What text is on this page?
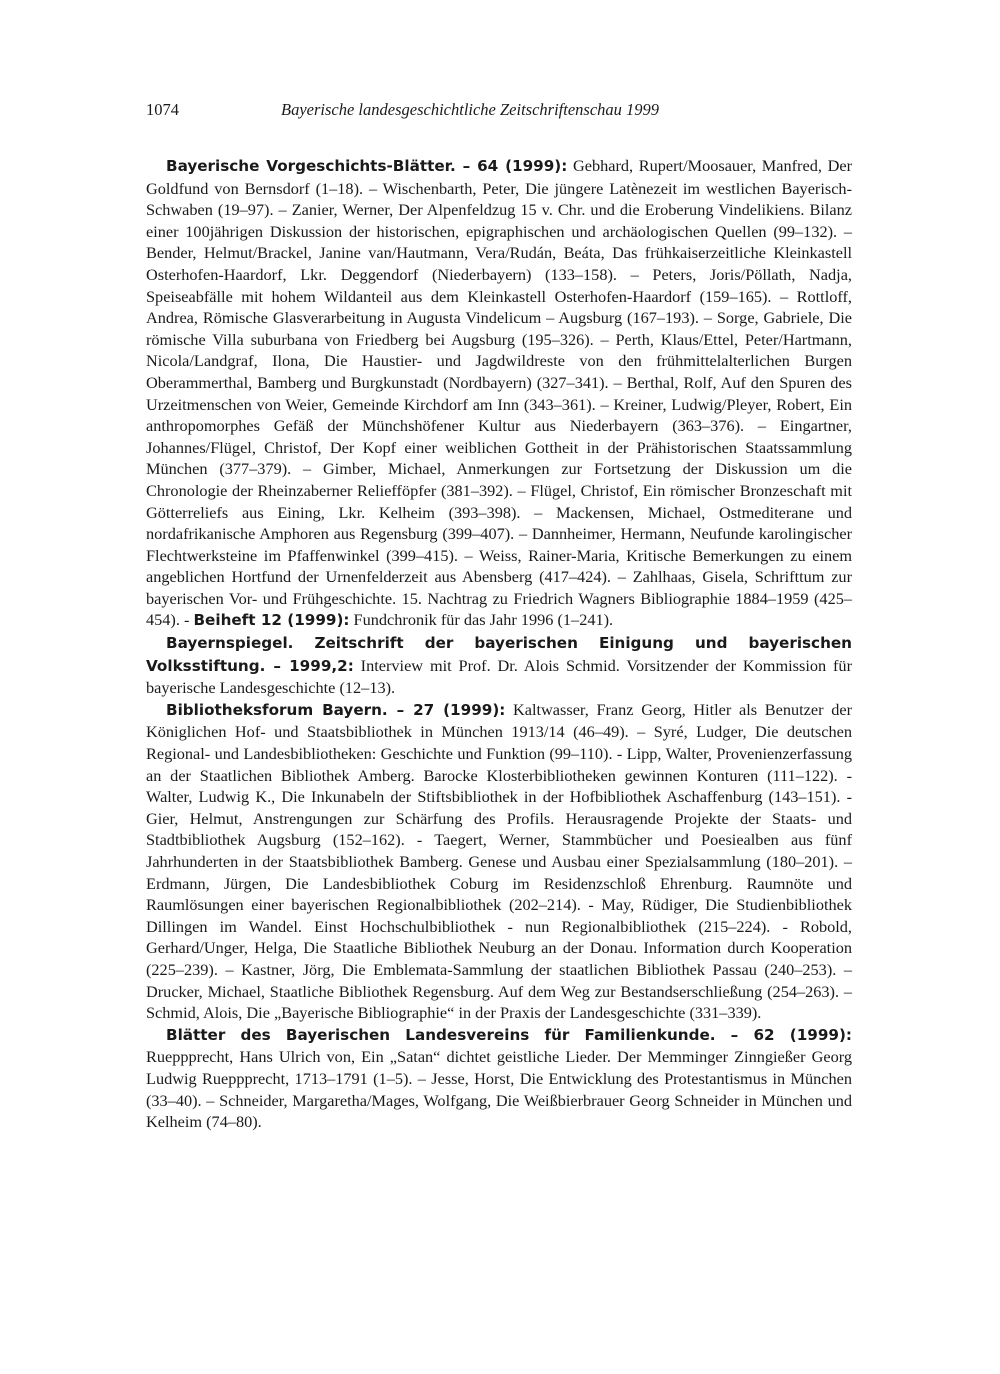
1074	Bayerische landesgeschichtliche Zeitschriftenschau 1999

Bayerische Vorgeschichts-Blätter. – 64 (1999): Gebhard, Rupert/Moosauer, Manfred, Der Goldfund von Bernsdorf (1–18). – Wischenbarth, Peter, Die jüngere Latènezeit im westlichen Bayerisch-Schwaben (19–97). – Zanier, Werner, Der Alpenfeldzug 15 v. Chr. und die Eroberung Vindelikiens. Bilanz einer 100jährigen Diskussion der historischen, epigraphischen und archäologischen Quellen (99–132). – Bender, Helmut/Brackel, Janine van/Hautmann, Vera/Rudán, Beáta, Das frühkaiserzeitliche Kleinkastell Osterhofen-Haardorf, Lkr. Deggendorf (Niederbayern) (133–158). – Peters, Joris/Pöllath, Nadja, Speiseabfälle mit hohem Wildanteil aus dem Kleinkastell Osterhofen-Haardorf (159–165). – Rottloff, Andrea, Römische Glasverarbeitung in Augusta Vindelicum – Augsburg (167–193). – Sorge, Gabriele, Die römische Villa suburbana von Friedberg bei Augsburg (195–326). – Perth, Klaus/Ettel, Peter/Hartmann, Nicola/Landgraf, Ilona, Die Haustier- und Jagdwildreste von den frühmittelalterlichen Burgen Oberammerthal, Bamberg und Burgkunstadt (Nordbayern) (327–341). – Berthal, Rolf, Auf den Spuren des Urzeitmenschen von Weier, Gemeinde Kirchdorf am Inn (343–361). – Kreiner, Ludwig/Pleyer, Robert, Ein anthropomorphes Gefäß der Münchshöfener Kultur aus Niederbayern (363–376). – Eingartner, Johannes/Flügel, Christof, Der Kopf einer weiblichen Gottheit in der Prähistorischen Staatssammlung München (377–379). – Gimber, Michael, Anmerkungen zur Fortsetzung der Diskussion um die Chronologie der Rheinzaberner Reliefföpfer (381–392). – Flügel, Christof, Ein römischer Bronzeschaft mit Götterreliefs aus Eining, Lkr. Kelheim (393–398). – Mackensen, Michael, Ostmediterane und nordafrikanische Amphoren aus Regensburg (399–407). – Dannheimer, Hermann, Neufunde karolingischer Flechtwerksteine im Pfaffenwinkel (399–415). – Weiss, Rainer-Maria, Kritische Bemerkungen zu einem angeblichen Hortfund der Urnenfelderzeit aus Abensberg (417–424). – Zahlhaas, Gisela, Schrifttum zur bayerischen Vor- und Frühgeschichte. 15. Nachtrag zu Friedrich Wagners Bibliographie 1884–1959 (425–454). - Beiheft 12 (1999): Fundchronik für das Jahr 1996 (1–241).

Bayernspiegel. Zeitschrift der bayerischen Einigung und bayerischen Volksstiftung. – 1999,2: Interview mit Prof. Dr. Alois Schmid. Vorsitzender der Kommission für bayerische Landesgeschichte (12–13).

Bibliotheksforum Bayern. – 27 (1999): Kaltwasser, Franz Georg, Hitler als Benutzer der Königlichen Hof- und Staatsbibliothek in München 1913/14 (46–49). – Syré, Ludger, Die deutschen Regional- und Landesbibliotheken: Geschichte und Funktion (99–110). - Lipp, Walter, Provenienzerfassung an der Staatlichen Bibliothek Amberg. Barocke Klosterbibliotheken gewinnen Konturen (111–122). - Walter, Ludwig K., Die Inkunabeln der Stiftsbibliothek in der Hofbibliothek Aschaffenburg (143–151). - Gier, Helmut, Anstrengungen zur Schärfung des Profils. Herausragende Projekte der Staats- und Stadtbibliothek Augsburg (152–162). - Taegert, Werner, Stammbücher und Poesiealben aus fünf Jahrhunderten in der Staatsbibliothek Bamberg. Genese und Ausbau einer Spezialsammlung (180–201). – Erdmann, Jürgen, Die Landesbibliothek Coburg im Residenzschloß Ehrenburg. Raumnöte und Raumlösungen einer bayerischen Regionalbibliothek (202–214). - May, Rüdiger, Die Studienbibliothek Dillingen im Wandel. Einst Hochschulbibliothek - nun Regionalbibliothek (215–224). - Robold, Gerhard/Unger, Helga, Die Staatliche Bibliothek Neuburg an der Donau. Information durch Kooperation (225–239). – Kastner, Jörg, Die Emblemata-Sammlung der staatlichen Bibliothek Passau (240–253). – Drucker, Michael, Staatliche Bibliothek Regensburg. Auf dem Weg zur Bestandserschließung (254–263). – Schmid, Alois, Die „Bayerische Bibliographie“ in der Praxis der Landesgeschichte (331–339).

Blätter des Bayerischen Landesvereins für Familienkunde. – 62 (1999): Rueppprecht, Hans Ulrich von, Ein „Satan“ dichtet geistliche Lieder. Der Memminger Zinngießer Georg Ludwig Rueppprecht, 1713–1791 (1–5). – Jesse, Horst, Die Entwicklung des Protestantismus in München (33–40). – Schneider, Margaretha/Mages, Wolfgang, Die Weißbierbrauer Georg Schneider in München und Kelheim (74–80).
